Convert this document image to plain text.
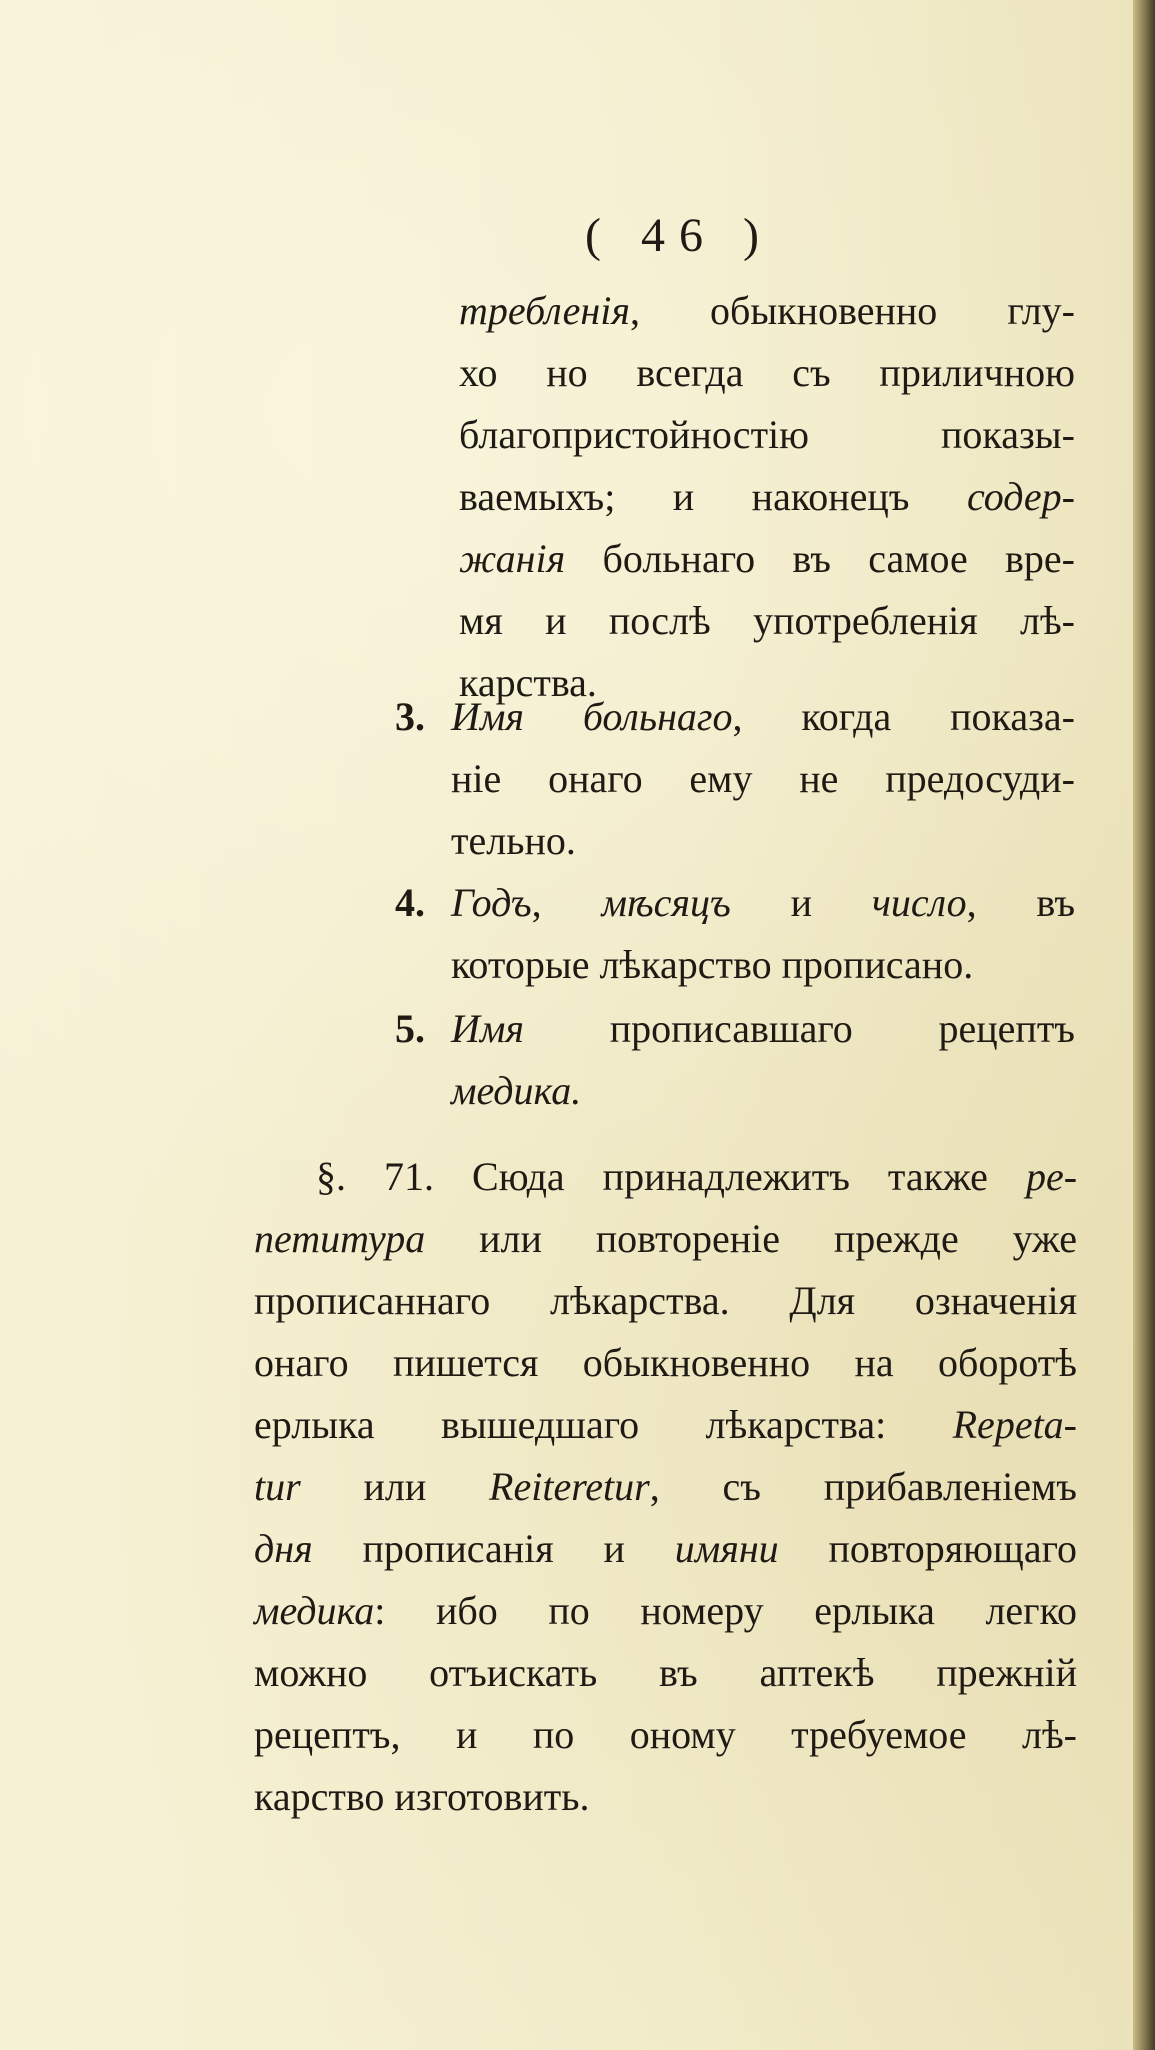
( 46 )
требленія, обыкновенно глу-
хо но всегда съ приличною
благопристойностію показы-
ваемыхъ; и наконецъ содер-
жанія больнаго въ самое вре-
мя и послѣ употребленія лѣ-
карства.
3. Имя больнаго, когда показа-
ніе онаго ему не предосуди-
тельно.
4. Годъ, мѣсяцъ и число, въ
которые лѣкарство прописано.
5. Имя прописавшаго рецептъ
медика.
§. 71. Сюда принадлежитъ также ре-
петитура или повтореніе прежде уже
прописаннаго лѣкарства. Для означенія
онаго пишется обыкновенно на оборотѣ
ерлыка вышедшаго лѣкарства: Repeta-
tur или Reiteretur, съ прибавленіемъ
дня прописанія и имяни повторяющаго
медика: ибо по номеру ерлыка легко
можно отъискать въ аптекѣ прежній
рецептъ, и по оному требуемое лѣ-
карство изготовить.
